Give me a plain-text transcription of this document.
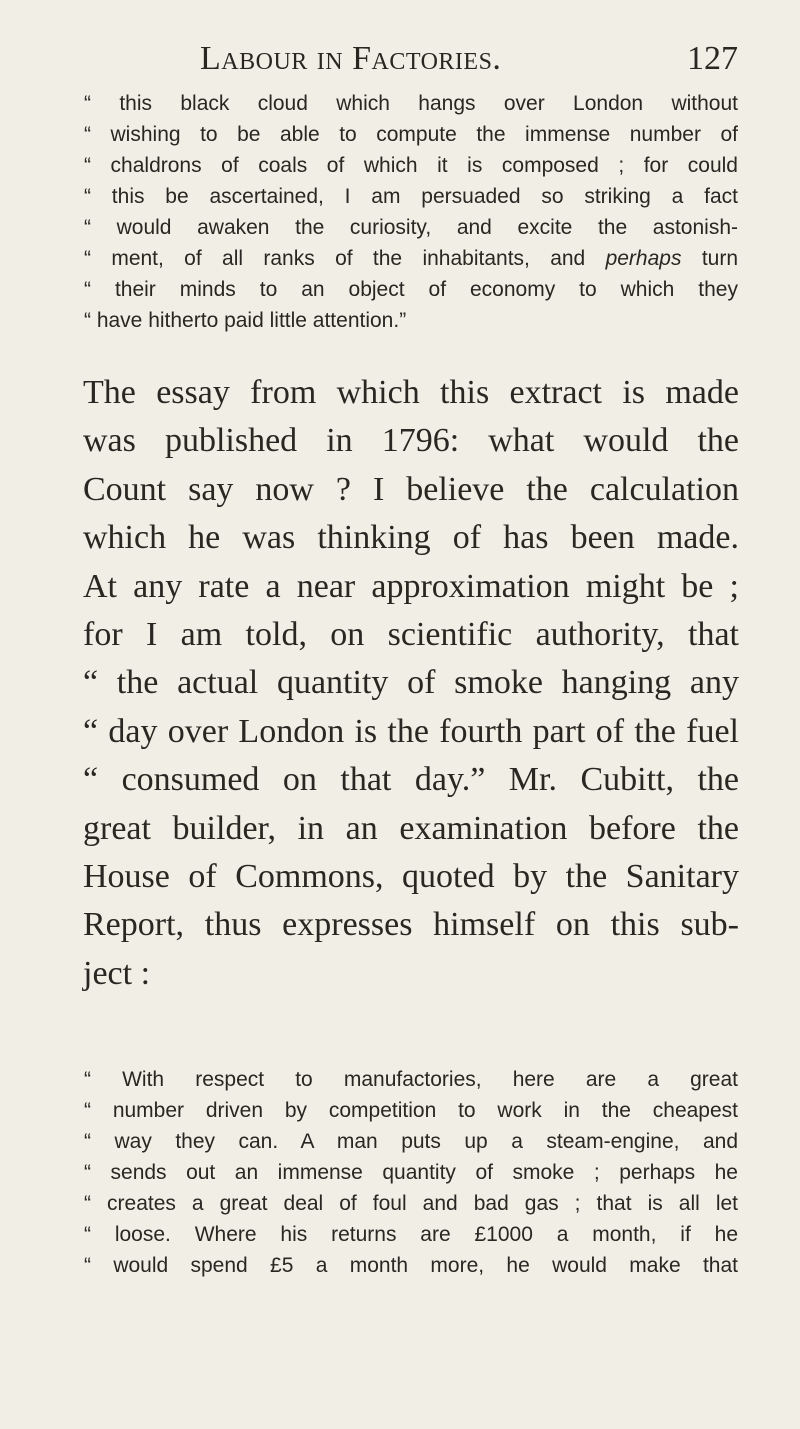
Labour in Factories.	127
“ this black cloud which hangs over London without
“ wishing to be able to compute the immense number of
“ chaldrons of coals of which it is composed ; for could
“ this be ascertained, I am persuaded so striking a fact
“ would awaken the curiosity, and excite the astonish-
“ ment, of all ranks of the inhabitants, and perhaps turn
“ their minds to an object of economy to which they
“ have hitherto paid little attention.”
The essay from which this extract is made
was published in 1796: what would the
Count say now ? I believe the calculation
which he was thinking of has been made.
At any rate a near approximation might be ;
for I am told, on scientific authority, that
“ the actual quantity of smoke hanging any
“ day over London is the fourth part of the fuel
“ consumed on that day.” Mr. Cubitt, the
great builder, in an examination before the
House of Commons, quoted by the Sanitary
Report, thus expresses himself on this sub-
ject :
“ With respect to manufactories, here are a great
“ number driven by competition to work in the cheapest
“ way they can. A man puts up a steam-engine, and
“ sends out an immense quantity of smoke ; perhaps he
“ creates a great deal of foul and bad gas ; that is all let
“ loose. Where his returns are £1000 a month, if he
“ would spend £5 a month more, he would make that
